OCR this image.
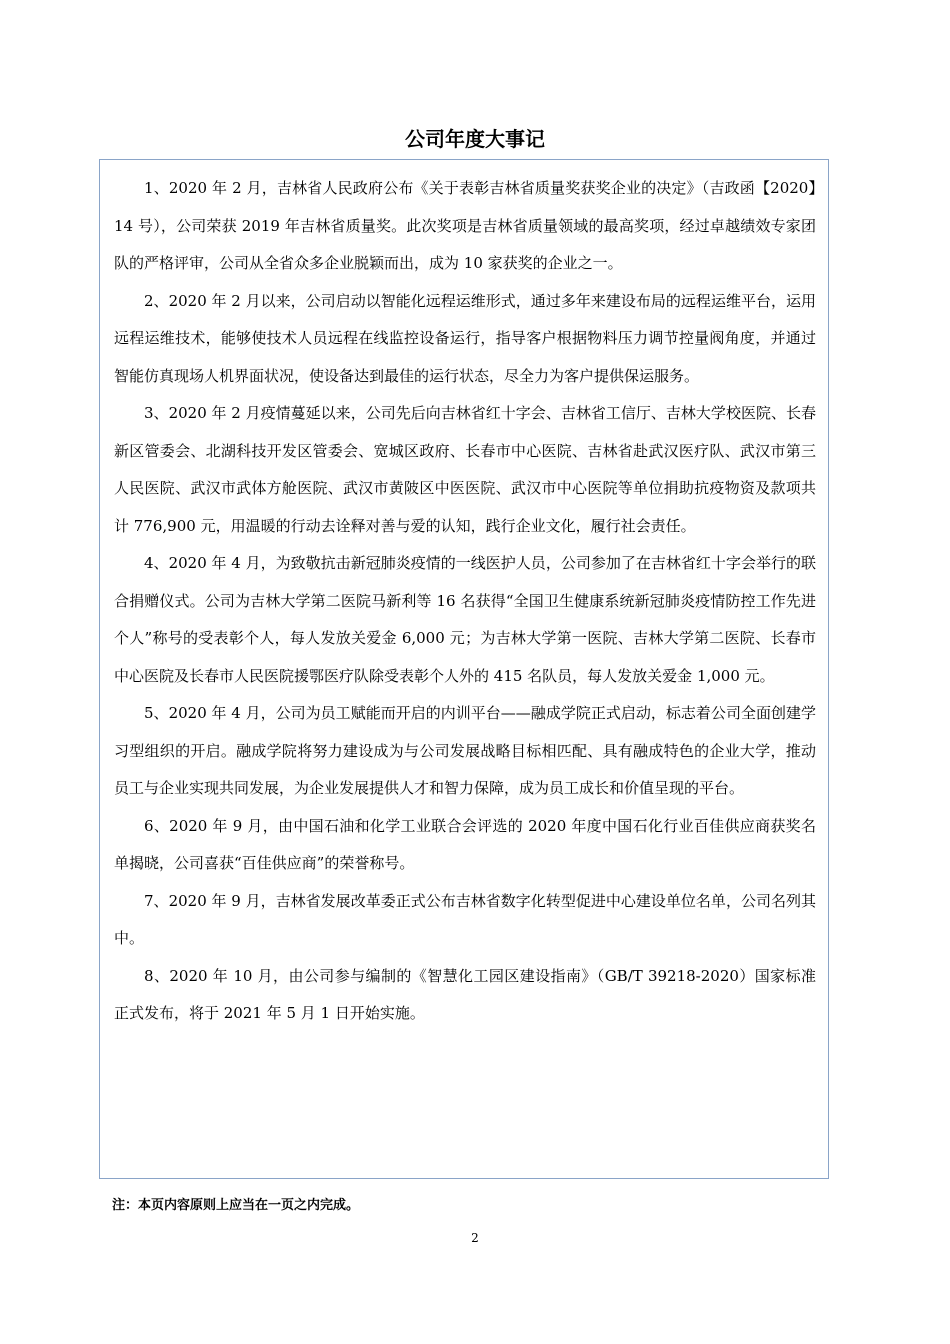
公司年度大事记

1、2020 年 2 月，吉林省人民政府公布《关于表彰吉林省质量奖获奖企业的决定》（吉政函【2020】14 号），公司荣获 2019 年吉林省质量奖。此次奖项是吉林省质量领域的最高奖项，经过卓越绩效专家团队的严格评审，公司从全省众多企业脱颖而出，成为 10 家获奖的企业之一。

2、2020 年 2 月以来，公司启动以智能化远程运维形式，通过多年来建设布局的远程运维平台，运用远程运维技术，能够使技术人员远程在线监控设备运行，指导客户根据物料压力调节控量阀角度，并通过智能仿真现场人机界面状况，使设备达到最佳的运行状态，尽全力为客户提供保运服务。

3、2020 年 2 月疫情蔓延以来，公司先后向吉林省红十字会、吉林省工信厅、吉林大学校医院、长春新区管委会、北湖科技开发区管委会、宽城区政府、长春市中心医院、吉林省赴武汉医疗队、武汉市第三人民医院、武汉市武体方舱医院、武汉市黄陂区中医医院、武汉市中心医院等单位捐助抗疫物资及款项共计 776,900 元，用温暖的行动去诠释对善与爱的认知，践行企业文化，履行社会责任。

4、2020 年 4 月，为致敬抗击新冠肺炎疫情的一线医护人员，公司参加了在吉林省红十字会举行的联合捐赠仪式。公司为吉林大学第二医院马新利等 16 名获得“全国卫生健康系统新冠肺炎疫情防控工作先进个人”称号的受表彰个人，每人发放关爱金 6,000 元；为吉林大学第一医院、吉林大学第二医院、长春市中心医院及长春市人民医院援鄂医疗队除受表彰个人外的 415 名队员，每人发放关爱金 1,000 元。

5、2020 年 4 月，公司为员工赋能而开启的内训平台——融成学院正式启动，标志着公司全面创建学习型组织的开启。融成学院将努力建设成为与公司发展战略目标相匹配、具有融成特色的企业大学，推动员工与企业实现共同发展，为企业发展提供人才和智力保障，成为员工成长和价值呈现的平台。

6、2020 年 9 月，由中国石油和化学工业联合会评选的 2020 年度中国石化行业百佳供应商获奖名单揭晓，公司喜获“百佳供应商”的荣誉称号。

7、2020 年 9 月，吉林省发展改革委正式公布吉林省数字化转型促进中心建设单位名单，公司名列其中。

8、2020 年 10 月，由公司参与编制的《智慧化工园区建设指南》（GB/T 39218-2020）国家标准正式发布，将于 2021 年 5 月 1 日开始实施。

注：本页内容原则上应当在一页之内完成。

2
